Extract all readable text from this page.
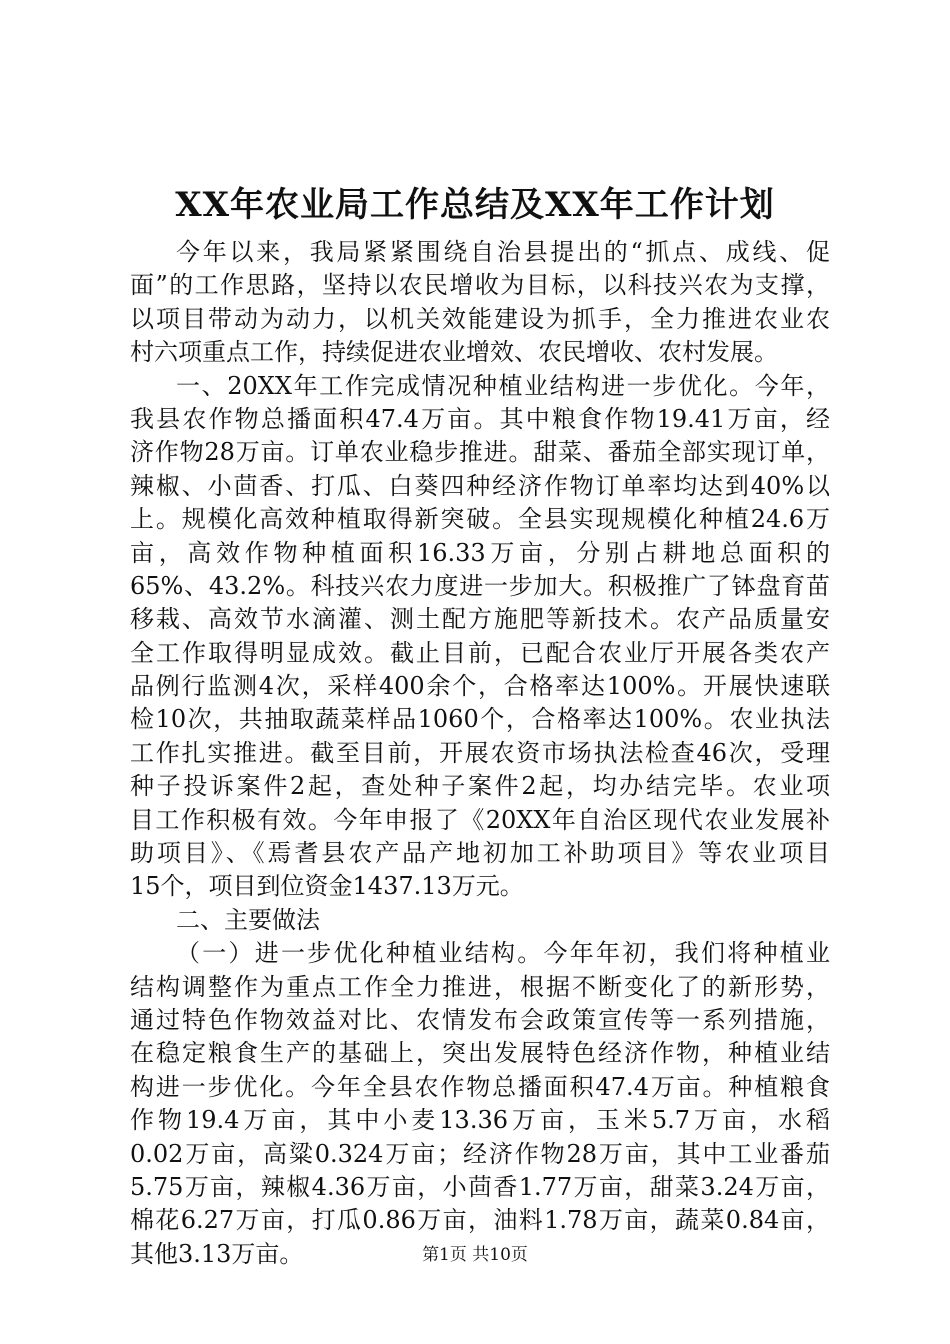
XX年农业局工作总结及XX年工作计划
今年以来，我局紧紧围绕自治县提出的“抓点、成线、促
面”的工作思路，坚持以农民增收为目标，以科技兴农为支撑，
以项目带动为动力，以机关效能建设为抓手，全力推进农业农
村六项重点工作，持续促进农业增效、农民增收、农村发展。
一、20XX年工作完成情况种植业结构进一步优化。今年，
我县农作物总播面积47.4万亩。其中粮食作物19.41万亩，经
济作物28万亩。订单农业稳步推进。甜菜、番茄全部实现订单，
辣椒、小茴香、打瓜、白葵四种经济作物订单率均达到40%以
上。规模化高效种植取得新突破。全县实现规模化种植24.6万
亩，高效作物种植面积16.33万亩，分别占耕地总面积的
65%、43.2%。科技兴农力度进一步加大。积极推广了钵盘育苗
移栽、高效节水滴灌、测土配方施肥等新技术。农产品质量安
全工作取得明显成效。截止目前，已配合农业厅开展各类农产
品例行监测4次，采样400余个，合格率达100%。开展快速联
检10次，共抽取蔬菜样品1060个，合格率达100%。农业执法
工作扎实推进。截至目前，开展农资市场执法检查46次，受理
种子投诉案件2起，查处种子案件2起，均办结完毕。农业项
目工作积极有效。今年申报了《20XX年自治区现代农业发展补
助项目》、《焉耆县农产品产地初加工补助项目》等农业项目
15个，项目到位资金1437.13万元。
二、主要做法
（一）进一步优化种植业结构。今年年初，我们将种植业
结构调整作为重点工作全力推进，根据不断变化了的新形势，
通过特色作物效益对比、农情发布会政策宣传等一系列措施，
在稳定粮食生产的基础上，突出发展特色经济作物，种植业结
构进一步优化。今年全县农作物总播面积47.4万亩。种植粮食
作物19.4万亩，其中小麦13.36万亩，玉米5.7万亩，水稻
0.02万亩，高粱0.324万亩；经济作物28万亩，其中工业番茄
5.75万亩，辣椒4.36万亩，小茴香1.77万亩，甜菜3.24万亩，
棉花6.27万亩，打瓜0.86万亩，油料1.78万亩，蔬菜0.84亩，
其他3.13万亩。	第1页 共10页
